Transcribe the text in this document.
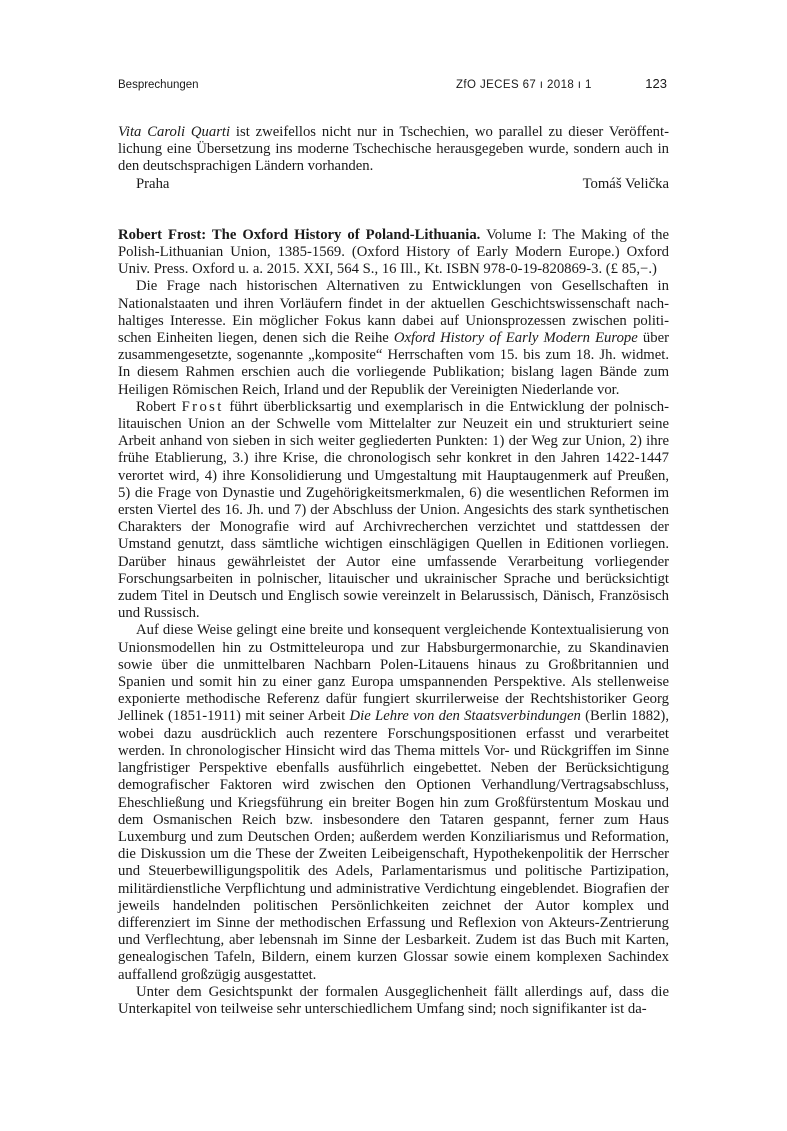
Besprechungen	ZfO JECES 67 ı 2018 ı 1	123

Vita Caroli Quarti ist zweifellos nicht nur in Tschechien, wo parallel zu dieser Veröffentlichung eine Übersetzung ins moderne Tschechische herausgegeben wurde, sondern auch in den deutschsprachigen Ländern vorhanden.

Praha	Tomáš Velička

Robert Frost: The Oxford History of Poland-Lithuania. Volume I: The Making of the Polish-Lithuanian Union, 1385-1569. (Oxford History of Early Modern Europe.) Oxford Univ. Press. Oxford u. a. 2015. XXI, 564 S., 16 Ill., Kt. ISBN 978-0-19-820869-3. (£ 85,−.)

Die Frage nach historischen Alternativen zu Entwicklungen von Gesellschaften in Nationalstaaten und ihren Vorläufern findet in der aktuellen Geschichtswissenschaft nachhaltiges Interesse. Ein möglicher Fokus kann dabei auf Unionsprozessen zwischen politischen Einheiten liegen, denen sich die Reihe Oxford History of Early Modern Europe über zusammengesetzte, sogenannte „komposite“ Herrschaften vom 15. bis zum 18. Jh. widmet. In diesem Rahmen erschien auch die vorliegende Publikation; bislang lagen Bände zum Heiligen Römischen Reich, Irland und der Republik der Vereinigten Niederlande vor.

Robert Frost führt überblicksartig und exemplarisch in die Entwicklung der polnisch-litauischen Union an der Schwelle vom Mittelalter zur Neuzeit ein und strukturiert seine Arbeit anhand von sieben in sich weiter gegliederten Punkten: 1) der Weg zur Union, 2) ihre frühe Etablierung, 3.) ihre Krise, die chronologisch sehr konkret in den Jahren 1422-1447 verortet wird, 4) ihre Konsolidierung und Umgestaltung mit Hauptaugenmerk auf Preußen, 5) die Frage von Dynastie und Zugehörigkeitsmerkmalen, 6) die wesentlichen Reformen im ersten Viertel des 16. Jh. und 7) der Abschluss der Union. Angesichts des stark synthetischen Charakters der Monografie wird auf Archivrecherchen verzichtet und stattdessen der Umstand genutzt, dass sämtliche wichtigen einschlägigen Quellen in Editionen vorliegen. Darüber hinaus gewährleistet der Autor eine umfassende Verarbeitung vorliegender Forschungsarbeiten in polnischer, litauischer und ukrainischer Sprache und berücksichtigt zudem Titel in Deutsch und Englisch sowie vereinzelt in Belarussisch, Dänisch, Französisch und Russisch.

Auf diese Weise gelingt eine breite und konsequent vergleichende Kontextualisierung von Unionsmodellen hin zu Ostmitteleuropa und zur Habsburgermonarchie, zu Skandinavien sowie über die unmittelbaren Nachbarn Polen-Litauens hinaus zu Großbritannien und Spanien und somit hin zu einer ganz Europa umspannenden Perspektive. Als stellenweise exponierte methodische Referenz dafür fungiert skurrilerweise der Rechtshistoriker Georg Jellinek (1851-1911) mit seiner Arbeit Die Lehre von den Staatsverbindungen (Berlin 1882), wobei dazu ausdrücklich auch rezentere Forschungspositionen erfasst und verarbeitet werden. In chronologischer Hinsicht wird das Thema mittels Vor- und Rückgriffen im Sinne langfristiger Perspektive ebenfalls ausführlich eingebettet. Neben der Berücksichtigung demografischer Faktoren wird zwischen den Optionen Verhandlung/Vertragsabschluss, Eheschließung und Kriegsführung ein breiter Bogen hin zum Großfürstentum Moskau und dem Osmanischen Reich bzw. insbesondere den Tataren gespannt, ferner zum Haus Luxemburg und zum Deutschen Orden; außerdem werden Konziliarismus und Reformation, die Diskussion um die These der Zweiten Leibeigenschaft, Hypothekenpolitik der Herrscher und Steuerbewilligungspolitik des Adels, Parlamentarismus und politische Partizipation, militärdienstliche Verpflichtung und administrative Verdichtung eingeblendet. Biografien der jeweils handelnden politischen Persönlichkeiten zeichnet der Autor komplex und differenziert im Sinne der methodischen Erfassung und Reflexion von Akteurs-Zentrierung und Verflechtung, aber lebensnah im Sinne der Lesbarkeit. Zudem ist das Buch mit Karten, genealogischen Tafeln, Bildern, einem kurzen Glossar sowie einem komplexen Sachindex auffallend großzügig ausgestattet.

Unter dem Gesichtspunkt der formalen Ausgeglichenheit fällt allerdings auf, dass die Unterkapitel von teilweise sehr unterschiedlichem Umfang sind; noch signifikanter ist da-
